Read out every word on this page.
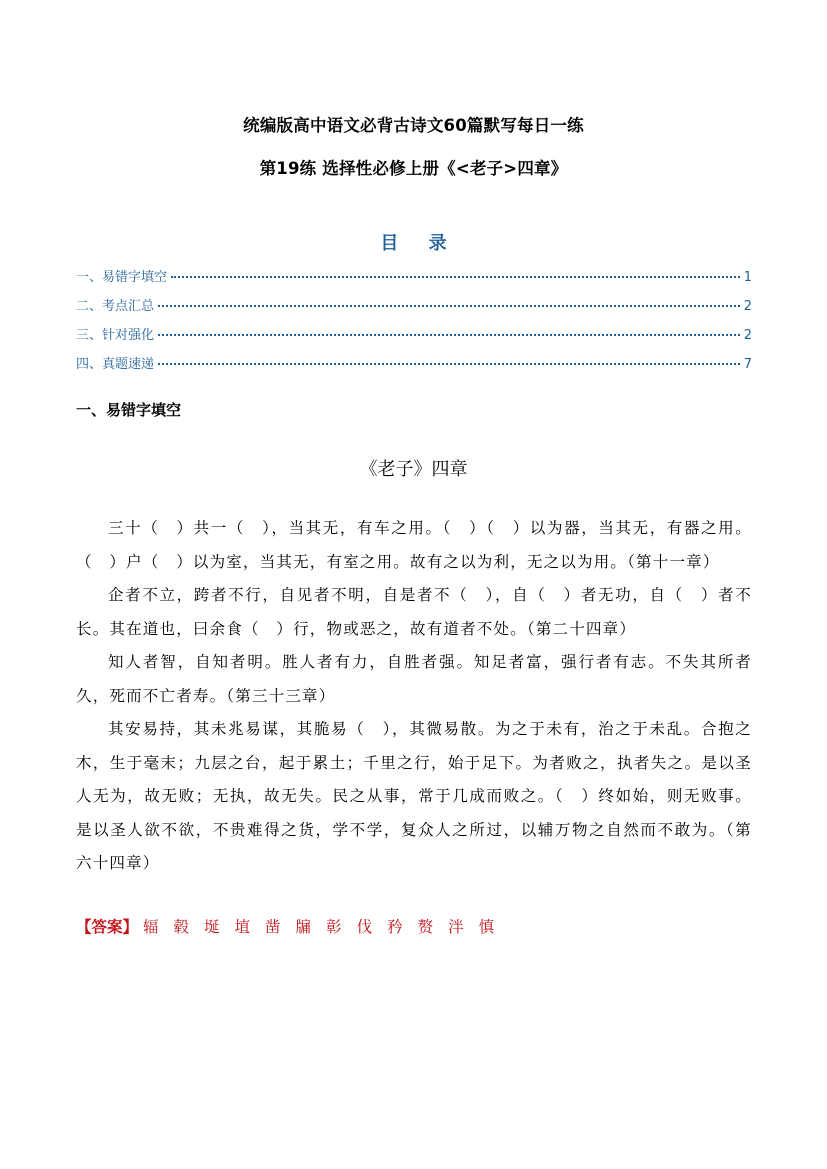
统编版高中语文必背古诗文60篇默写每日一练
第19练 选择性必修上册《<老子>四章》
目 录
一、易错字填空	1
二、考点汇总	2
三、针对强化	2
四、真题速递	7
一、易错字填空
《老子》四章

三十（　）共一（　），当其无，有车之用。（　）（　）以为器，当其无，有器之用。（　）户（　）以为室，当其无，有室之用。故有之以为利，无之以为用。（第十一章）

企者不立，跨者不行，自见者不明，自是者不（　），自（　）者无功，自（　）者不长。其在道也，曰余食（　）行，物或恶之，故有道者不处。（第二十四章）

知人者智，自知者明。胜人者有力，自胜者强。知足者富，强行者有志。不失其所者久，死而不亡者寿。（第三十三章）

其安易持，其未兆易谋，其脆易（　），其微易散。为之于未有，治之于未乱。合抱之木，生于毫末；九层之台，起于累土；千里之行，始于足下。为者败之，执者失之。是以圣人无为，故无败；无执，故无失。民之从事，常于几成而败之。（　）终如始，则无败事。是以圣人欲不欲，不贵难得之货，学不学，复众人之所过，以辅万物之自然而不敢为。（第六十四章）

【答案】 辐 毂 埏 埴 凿 牖 彰 伐 矜 赘 泮 慎
